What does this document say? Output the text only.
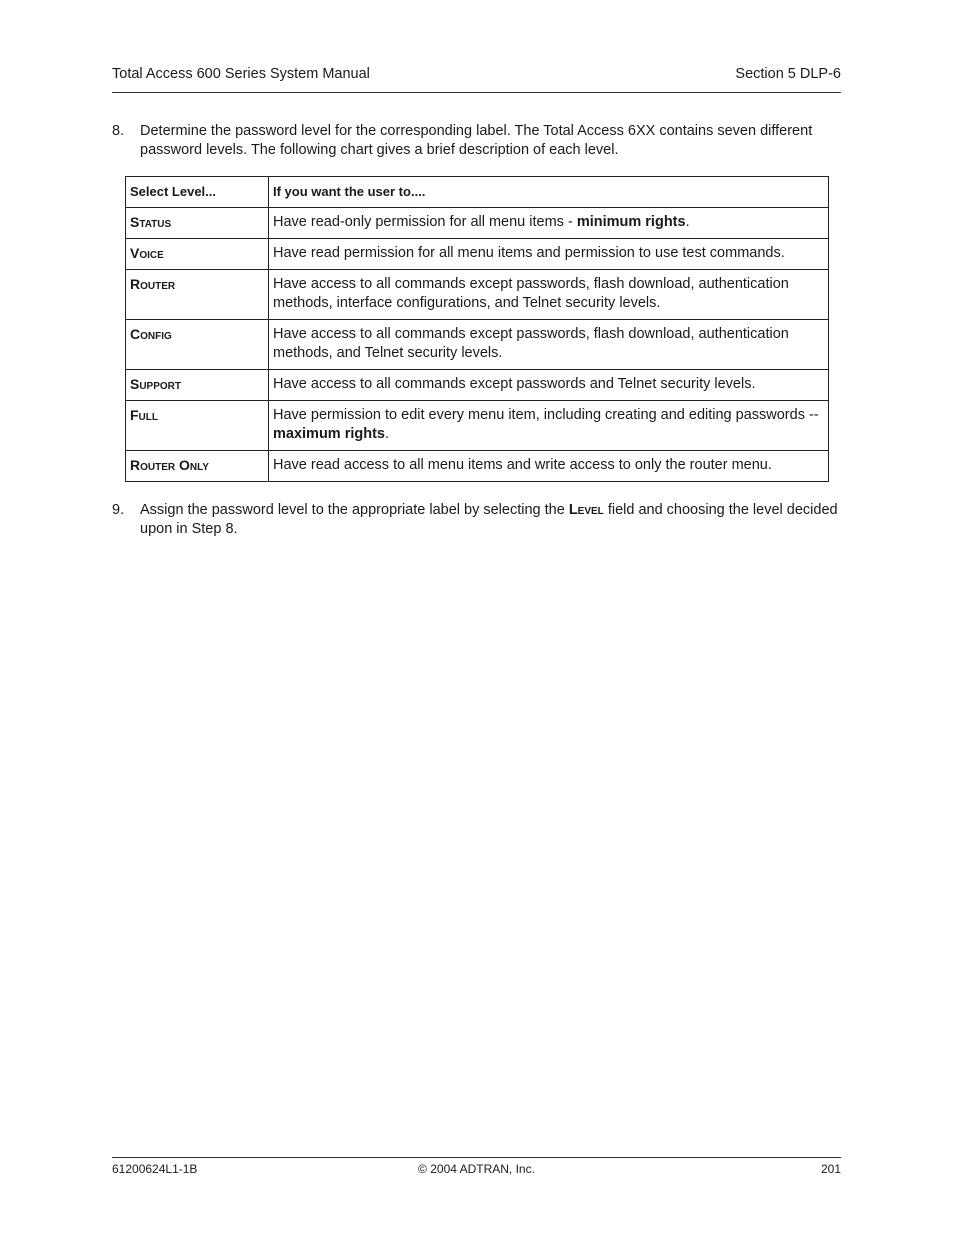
Total Access 600 Series System Manual	Section 5 DLP-6
8. Determine the password level for the corresponding label. The Total Access 6XX contains seven different password levels. The following chart gives a brief description of each level.
Select Level...	If you want the user to....
Status	Have read-only permission for all menu items - minimum rights.
Voice	Have read permission for all menu items and permission to use test commands.
Router	Have access to all commands except passwords, flash download, authentication methods, interface configurations, and Telnet security levels.
Config	Have access to all commands except passwords, flash download, authentication methods, and Telnet security levels.
Support	Have access to all commands except passwords and Telnet security levels.
Full	Have permission to edit every menu item, including creating and editing passwords -- maximum rights.
Router Only	Have read access to all menu items and write access to only the router menu.
9. Assign the password level to the appropriate label by selecting the Level field and choosing the level decided upon in Step 8.
61200624L1-1B	© 2004 ADTRAN, Inc.	201
